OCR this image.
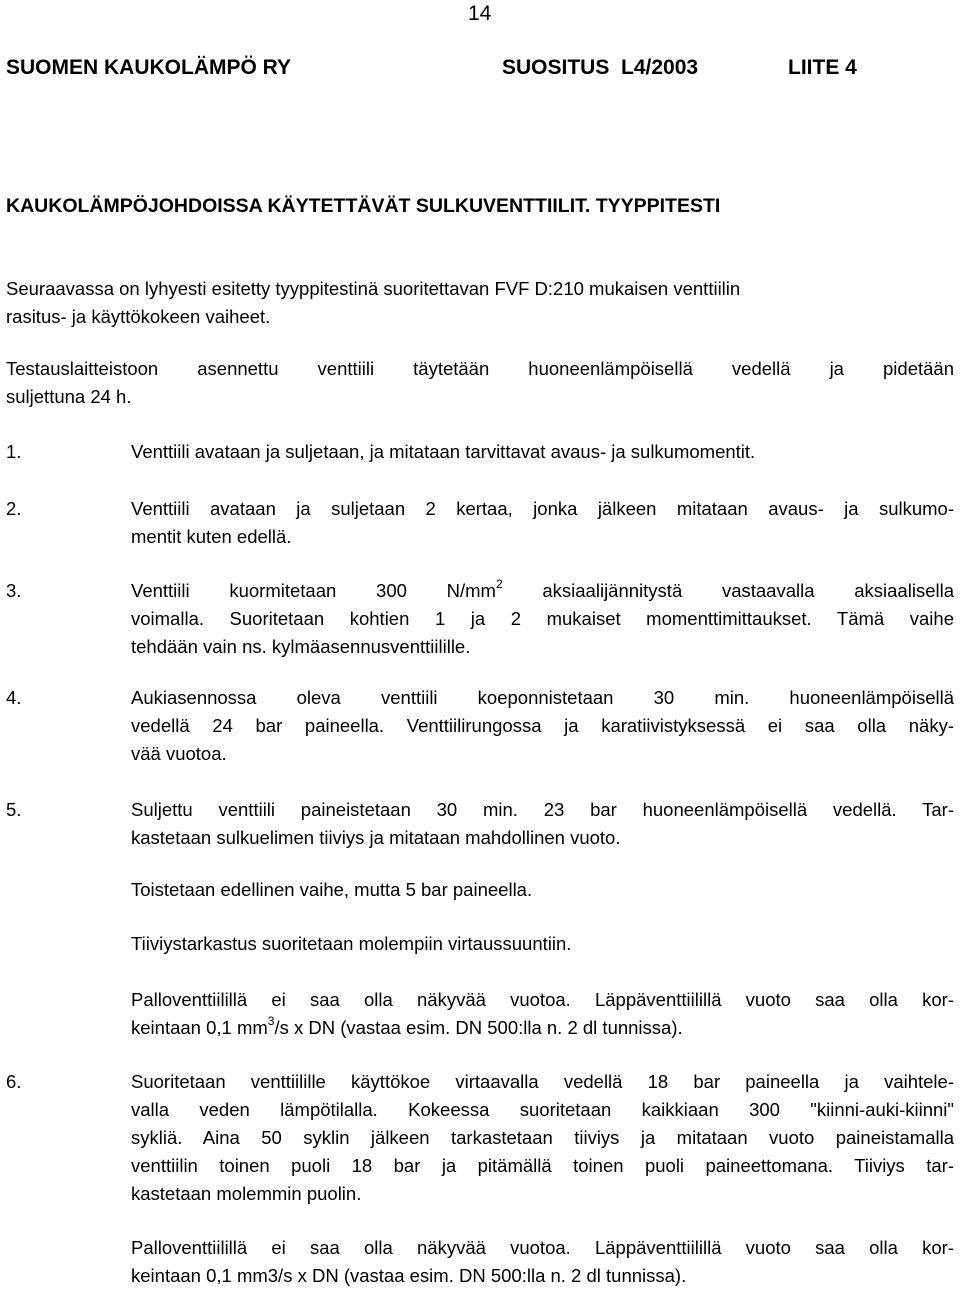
14
SUOMEN KAUKOLÄMPÖ RY	SUOSITUS  L4/2003	LIITE 4
KAUKOLÄMPÖJOHDOISSA KÄYTETTÄVÄT SULKUVENTTIILIT. TYYPPITESTI
Seuraavassa on lyhyesti esitetty tyyppitestinä suoritettavan FVF D:210 mukaisen venttiilin
rasitus- ja käyttökokeen vaiheet.
Testauslaitteistoon asennettu venttiili täytetään huoneenlämpöisellä vedellä ja pidetään
suljettuna 24 h.
1.	Venttiili avataan ja suljetaan, ja mitataan tarvittavat avaus- ja sulkumomentit.
2.	Venttiili avataan ja suljetaan 2 kertaa, jonka jälkeen mitataan avaus- ja sulkumo-
mentit kuten edellä.
3.	Venttiili kuormitetaan 300 $N/mm^2$ aksiaalijännitystä vastaavalla aksiaalisella
voimalla. Suoritetaan kohtien 1 ja 2 mukaiset momenttimittaukset. Tämä vaihe
tehdään vain ns. kylmäasennusventtiilille.
4.	Aukiasennossa oleva venttiili koeponnistetaan 30 min. huoneenlämpöisellä
vedellä 24 bar paineella. Venttiilirungossa ja karatiivistyksessä ei saa olla näky-
vää vuotoa.
5.	Suljettu venttiili paineistetaan 30 min. 23 bar huoneenlämpöisellä vedellä. Tar-
kastetaan sulkuelimen tiiviys ja mitataan mahdollinen vuoto.
Toistetaan edellinen vaihe, mutta 5 bar paineella.
Tiiviystarkastus suoritetaan molempiin virtaussuuntiin.
Palloventtiilillä ei saa olla näkyvää vuotoa. Läppäventtiilillä vuoto saa olla kor-
keintaan 0,1 $mm^3/s$ x DN (vastaa esim. DN 500:lla n. 2 dl tunnissa).
6.	Suoritetaan venttiilille käyttökoe virtaavalla vedellä 18 bar paineella ja vaihtele-
valla veden lämpötilalla. Kokeessa suoritetaan kaikkiaan 300 "kiinni-auki-kiinni"
sykliä. Aina 50 syklin jälkeen tarkastetaan tiiviys ja mitataan vuoto paineistamalla
venttiilin toinen puoli 18 bar ja pitämällä toinen puoli paineettomana. Tiiviys tar-
kastetaan molemmin puolin.
Palloventtiilillä ei saa olla näkyvää vuotoa. Läppäventtiilillä vuoto saa olla kor-
keintaan 0,1 mm3/s x DN (vastaa esim. DN 500:lla n. 2 dl tunnissa).
